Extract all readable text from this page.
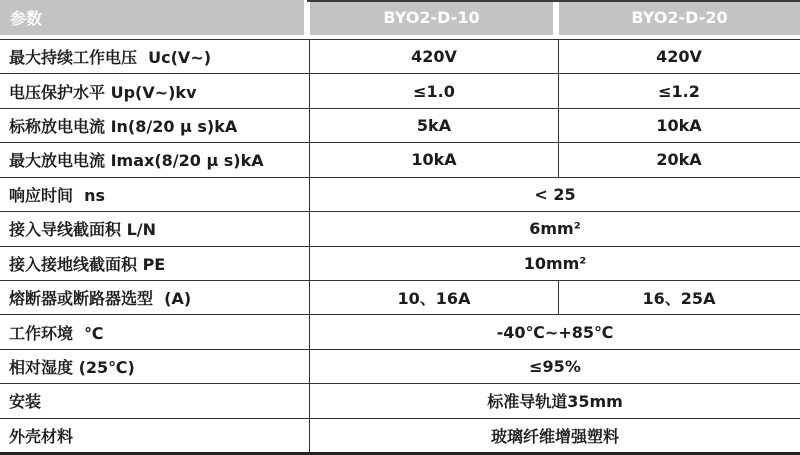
参数	BYO2-D-10	BYO2-D-20
最大持续工作电压  Uc(V~)	420V	420V
电压保护水平 Up(V~)kv	≤1.0	≤1.2
标称放电电流 In(8/20 μ s)kA	5kA	10kA
最大放电电流 Imax(8/20 μ s)kA	10kA	20kA
响应时间  ns	< 25
接入导线截面积 L/N	6mm²
接入接地线截面积 PE	10mm²
熔断器或断路器选型  (A)	10、16A	16、25A
工作环境  ℃	-40℃~+85℃
相对湿度 (25℃)	≤95%
安装	标准导轨道35mm
外壳材料	玻璃纤维增强塑料
